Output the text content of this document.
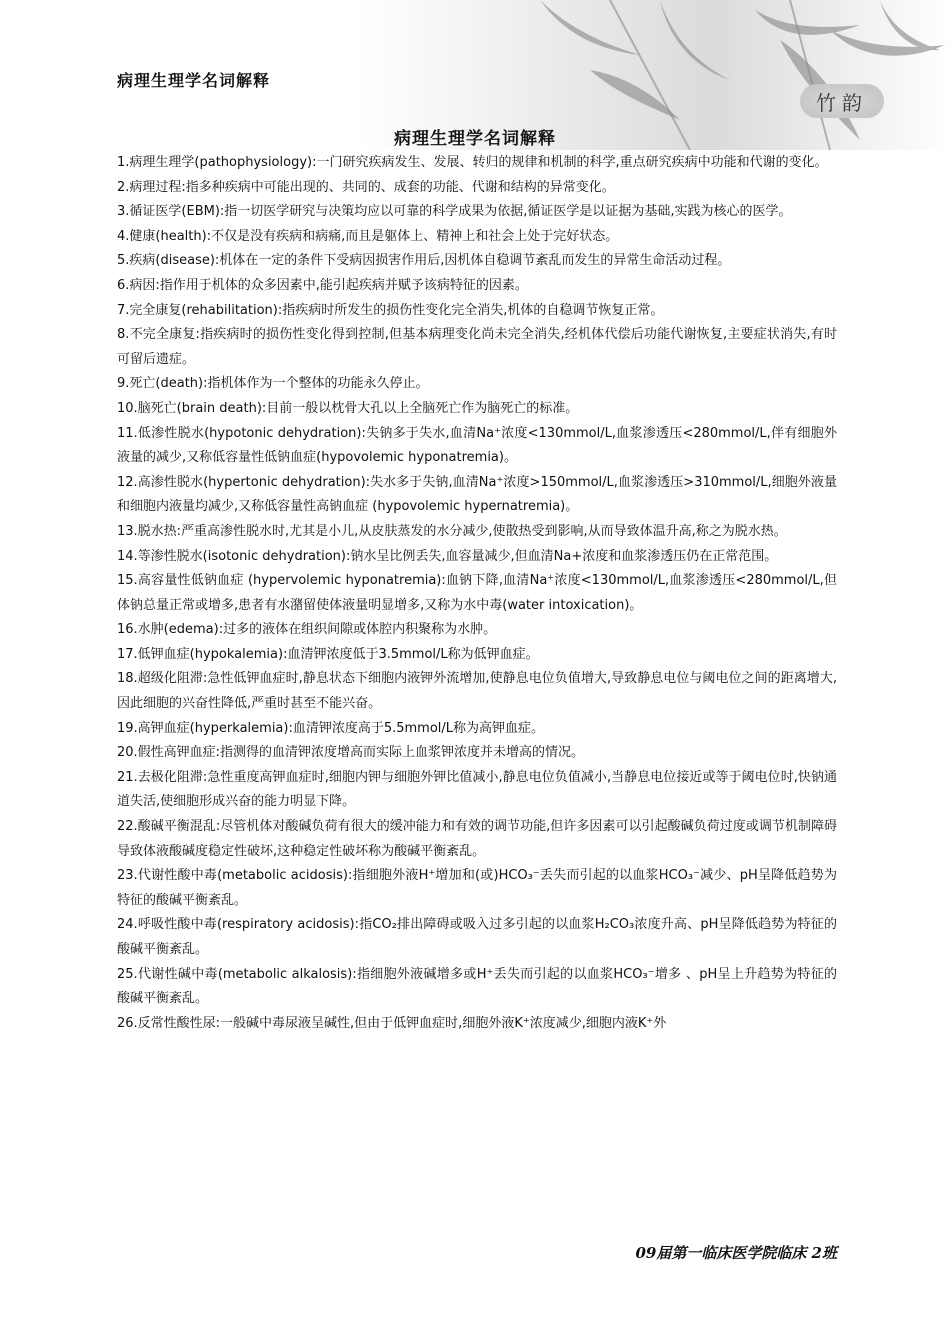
病理生理学名词解释
竹韵
病理生理学名词解释

1.病理生理学(pathophysiology):一门研究疾病发生、发展、转归的规律和机制的科学,重点研究疾病中功能和代谢的变化。

2.病理过程:指多种疾病中可能出现的、共同的、成套的功能、代谢和结构的异常变化。

3.循证医学(EBM):指一切医学研究与决策均应以可靠的科学成果为依据,循证医学是以证据为基础,实践为核心的医学。

4.健康(health):不仅是没有疾病和病痛,而且是躯体上、精神上和社会上处于完好状态。

5.疾病(disease):机体在一定的条件下受病因损害作用后,因机体自稳调节紊乱而发生的异常生命活动过程。

6.病因:指作用于机体的众多因素中,能引起疾病并赋予该病特征的因素。

7.完全康复(rehabilitation):指疾病时所发生的损伤性变化完全消失,机体的自稳调节恢复正常。

8.不完全康复:指疾病时的损伤性变化得到控制,但基本病理变化尚未完全消失,经机体代偿后功能代谢恢复,主要症状消失,有时可留后遗症。

9.死亡(death):指机体作为一个整体的功能永久停止。

10.脑死亡(brain death):目前一般以枕骨大孔以上全脑死亡作为脑死亡的标准。

11.低渗性脱水(hypotonic dehydration):失钠多于失水,血清Na⁺浓度<130mmol/L,血浆渗透压<280mmol/L,伴有细胞外液量的减少,又称低容量性低钠血症(hypovolemic hyponatremia)。

12.高渗性脱水(hypertonic dehydration):失水多于失钠,血清Na⁺浓度>150mmol/L,血浆渗透压>310mmol/L,细胞外液量和细胞内液量均减少,又称低容量性高钠血症 (hypovolemic hypernatremia)。

13.脱水热:严重高渗性脱水时,尤其是小儿,从皮肤蒸发的水分减少,使散热受到影响,从而导致体温升高,称之为脱水热。

14.等渗性脱水(isotonic dehydration):钠水呈比例丢失,血容量减少,但血清Na+浓度和血浆渗透压仍在正常范围。

15.高容量性低钠血症 (hypervolemic hyponatremia):血钠下降,血清Na⁺浓度<130mmol/L,血浆渗透压<280mmol/L,但体钠总量正常或增多,患者有水潴留使体液量明显增多,又称为水中毒(water intoxication)。

16.水肿(edema):过多的液体在组织间隙或体腔内积聚称为水肿。

17.低钾血症(hypokalemia):血清钾浓度低于3.5mmol/L称为低钾血症。

18.超级化阻滞:急性低钾血症时,静息状态下细胞内液钾外流增加,使静息电位负值增大,导致静息电位与阈电位之间的距离增大,因此细胞的兴奋性降低,严重时甚至不能兴奋。

19.高钾血症(hyperkalemia):血清钾浓度高于5.5mmol/L称为高钾血症。

20.假性高钾血症:指测得的血清钾浓度增高而实际上血浆钾浓度并未增高的情况。

21.去极化阻滞:急性重度高钾血症时,细胞内钾与细胞外钾比值减小,静息电位负值减小,当静息电位接近或等于阈电位时,快钠通道失活,使细胞形成兴奋的能力明显下降。

22.酸碱平衡混乱:尽管机体对酸碱负荷有很大的缓冲能力和有效的调节功能,但许多因素可以引起酸碱负荷过度或调节机制障碍导致体液酸碱度稳定性破坏,这种稳定性破坏称为酸碱平衡紊乱。

23.代谢性酸中毒(metabolic acidosis):指细胞外液H⁺增加和(或)HCO₃⁻丢失而引起的以血浆HCO₃⁻减少、pH呈降低趋势为特征的酸碱平衡紊乱。

24.呼吸性酸中毒(respiratory acidosis):指CO₂排出障碍或吸入过多引起的以血浆H₂CO₃浓度升高、pH呈降低趋势为特征的酸碱平衡紊乱。

25.代谢性碱中毒(metabolic alkalosis):指细胞外液碱增多或H⁺丢失而引起的以血浆HCO₃⁻增多 、pH呈上升趋势为特征的酸碱平衡紊乱。

26.反常性酸性尿:一般碱中毒尿液呈碱性,但由于低钾血症时,细胞外液K⁺浓度减少,细胞内液K⁺外

09届第一临床医学院临床 2班
